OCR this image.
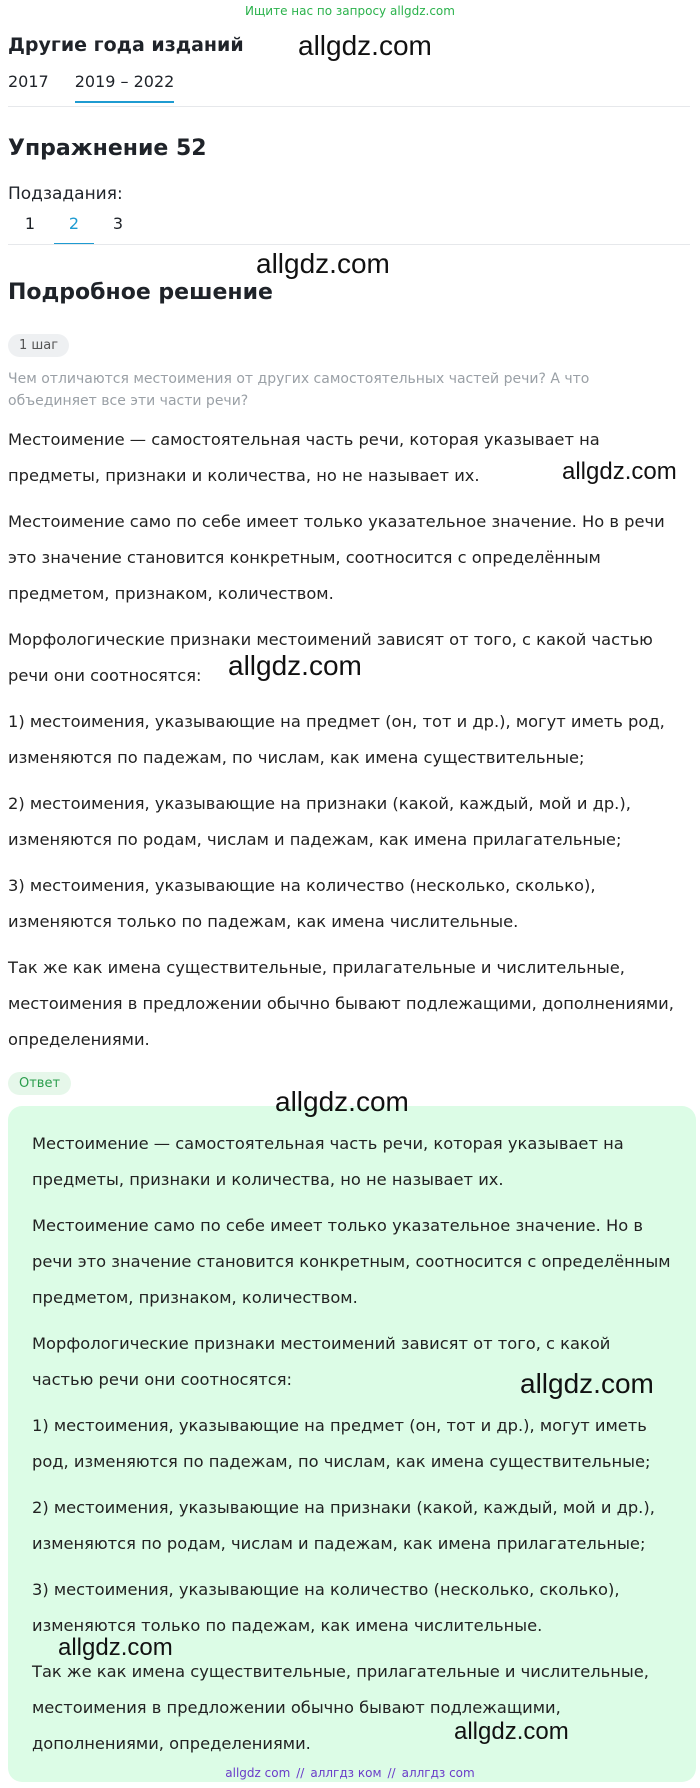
Ищите нас по запросу allgdz.com
Другие года изданий
2017 2019 – 2022
Упражнение 52
Подзадания:
1	2	3
Подробное решение
1 шаг
Чем отличаются местоимения от других самостоятельных частей речи? А что объединяет все эти части речи?

Местоимение — самостоятельная часть речи, которая указывает на предметы, признаки и количества, но не называет их.

Местоимение само по себе имеет только указательное значение. Но в речи это значение становится конкретным, соотносится с определённым предметом, признаком, количеством.

Морфологические признаки местоимений зависят от того, с какой частью речи они соотносятся:

1) местоимения, указывающие на предмет (он, тот и др.), могут иметь род, изменяются по падежам, по числам, как имена существительные;

2) местоимения, указывающие на признаки (какой, каждый, мой и др.), изменяются по родам, числам и падежам, как имена прилагательные;

3) местоимения, указывающие на количество (несколько, сколько), изменяются только по падежам, как имена числительные.

Так же как имена существительные, прилагательные и числительные, местоимения в предложении обычно бывают подлежащими, дополнениями, определениями.

Ответ

Местоимение — самостоятельная часть речи, которая указывает на предметы, признаки и количества, но не называет их.

Местоимение само по себе имеет только указательное значение. Но в речи это значение становится конкретным, соотносится с определённым предметом, признаком, количеством.

Морфологические признаки местоимений зависят от того, с какой частью речи они соотносятся:

1) местоимения, указывающие на предмет (он, тот и др.), могут иметь род, изменяются по падежам, по числам, как имена существительные;

2) местоимения, указывающие на признаки (какой, каждый, мой и др.), изменяются по родам, числам и падежам, как имена прилагательные;

3) местоимения, указывающие на количество (несколько, сколько), изменяются только по падежам, как имена числительные.

Так же как имена существительные, прилагательные и числительные, местоимения в предложении обычно бывают подлежащими, дополнениями, определениями.

allgdz.com
allgdz.com
allgdz.com
allgdz.com
allgdz.com
allgdz.com
allgdz.com
allgdz.com
allgdz com // аллгдз ком // аллгдз com
